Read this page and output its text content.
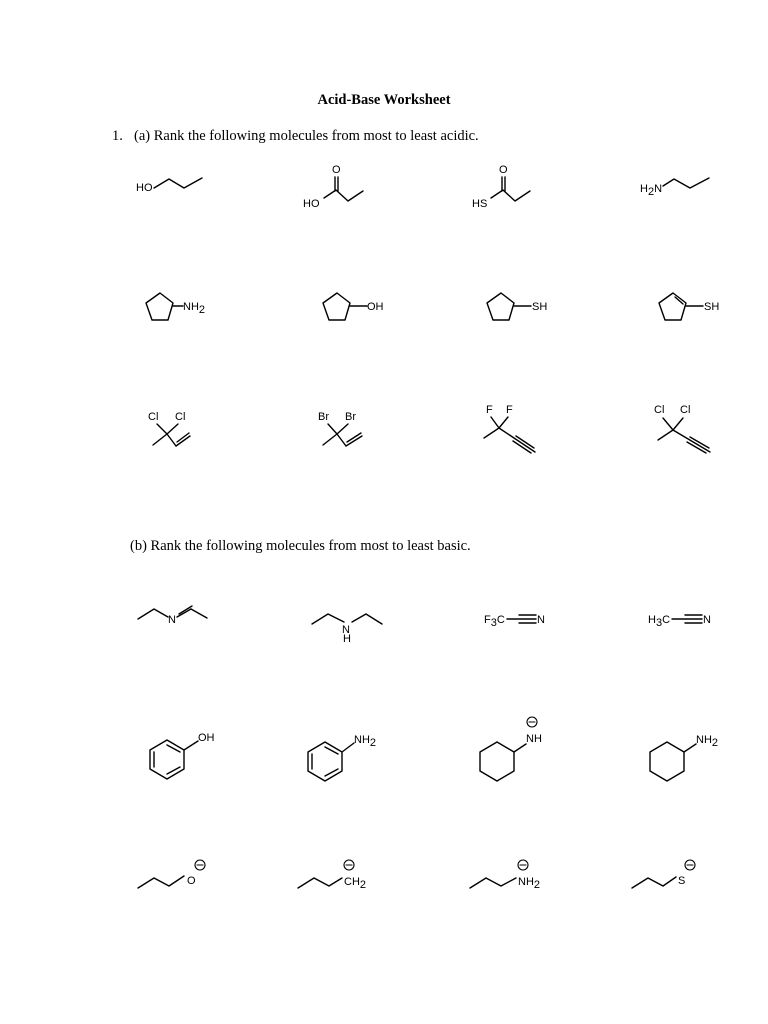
Acid-Base Worksheet
1. (a) Rank the following molecules from most to least acidic.
(b) Rank the following molecules from most to least basic.
HO
O
HO
O
HS
H2N
NH2	OH	SH	SH
Cl Cl	Br Br
F F	Cl Cl
N
N
H
F3C	N	H3C	N
OH	NH2	NH	NH2
O	CH2	NH2	S
